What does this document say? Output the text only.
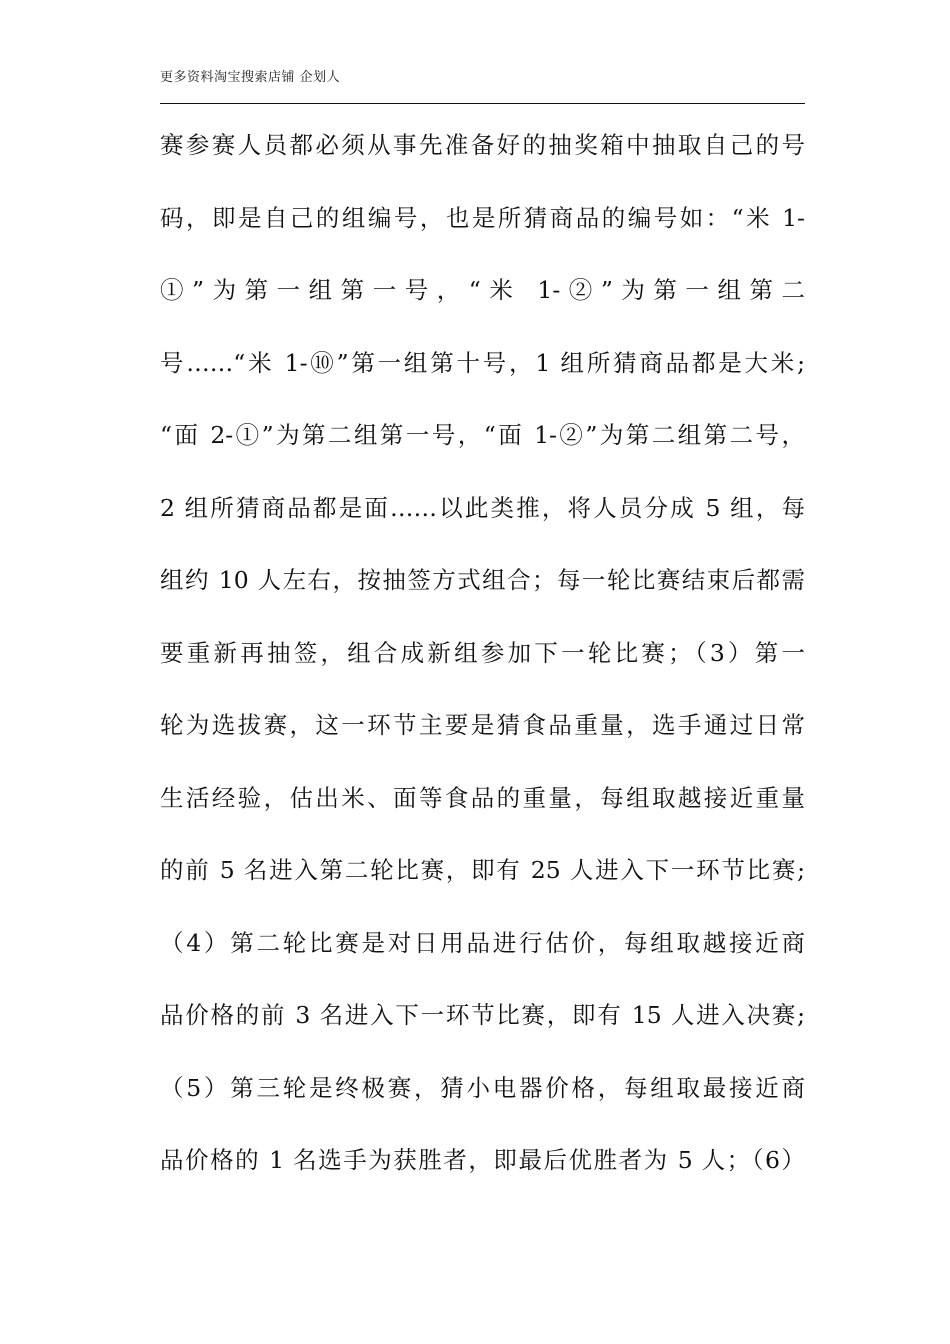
更多资料淘宝搜索店铺 企划人
赛参赛人员都必须从事先准备好的抽奖箱中抽取自己的号
码，即是自己的组编号，也是所猜商品的编号如：“米 1-
①”为第一组第一号，“米 1-②”为第一组第二
号……“米 1-⑩”第一组第十号，1 组所猜商品都是大米;
“面 2-①”为第二组第一号，“面 1-②”为第二组第二号，
2 组所猜商品都是面……以此类推，将人员分成 5 组，每
组约 10 人左右，按抽签方式组合；每一轮比赛结束后都需
要重新再抽签，组合成新组参加下一轮比赛；（3）第一
轮为选拔赛，这一环节主要是猜食品重量，选手通过日常
生活经验，估出米、面等食品的重量，每组取越接近重量
的前 5 名进入第二轮比赛，即有 25 人进入下一环节比赛;
（4）第二轮比赛是对日用品进行估价，每组取越接近商
品价格的前 3 名进入下一环节比赛，即有 15 人进入决赛;
（5）第三轮是终极赛，猜小电器价格，每组取最接近商
品价格的 1 名选手为获胜者，即最后优胜者为 5 人；（6）
